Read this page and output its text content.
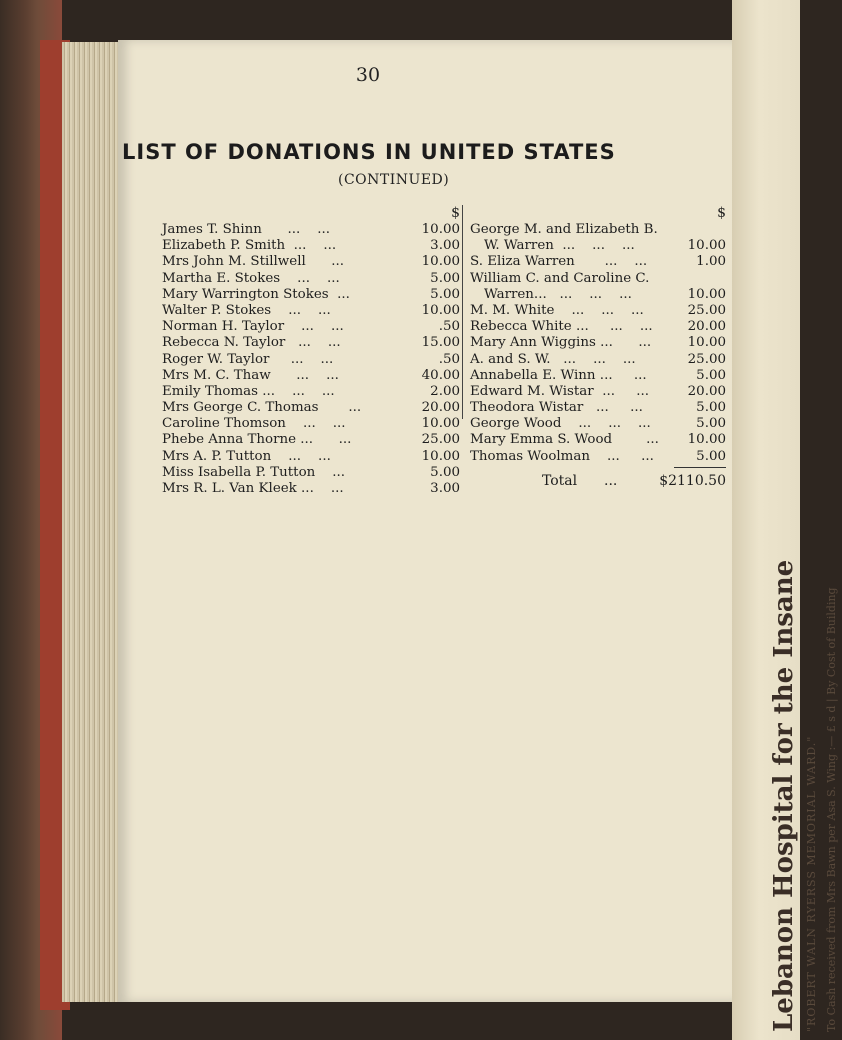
30
LIST OF DONATIONS IN UNITED STATES
(CONTINUED)
$
James T. Shinn      ...    ...	10.00
Elizabeth P. Smith  ...    ...	3.00
Mrs John M. Stillwell      ...	10.00
Martha E. Stokes    ...    ...	5.00
Mary Warrington Stokes  ...	5.00
Walter P. Stokes    ...    ...	10.00
Norman H. Taylor    ...    ...	.50
Rebecca N. Taylor   ...    ...	15.00
Roger W. Taylor     ...    ...	.50
Mrs M. C. Thaw      ...    ...	40.00
Emily Thomas ...    ...    ...	2.00
Mrs George C. Thomas       ...	20.00
Caroline Thomson    ...    ...	10.00
Phebe Anna Thorne ...      ...	25.00
Mrs A. P. Tutton    ...    ...	10.00
Miss Isabella P. Tutton    ...	5.00
Mrs R. L. Van Kleek ...    ...	3.00
$
George M. and Elizabeth B.
W. Warren  ...    ...    ...	10.00
S. Eliza Warren       ...    ...	1.00
William C. and Caroline C.
Warren...   ...    ...    ...	10.00
M. M. White    ...    ...    ...	25.00
Rebecca White ...     ...    ...	20.00
Mary Ann Wiggins ...      ...	10.00
A. and S. W.   ...    ...    ...	25.00
Annabella E. Winn ...     ...	5.00
Edward M. Wistar  ...     ...	20.00
Theodora Wistar   ...     ...	5.00
George Wood    ...    ...    ...	5.00
Mary Emma S. Wood        ...	10.00
Thomas Woolman    ...     ...	5.00
Total	...	$2110.50
Lebanon Hospital for the Insane "ROBERT WALN RYERSS MEMORIAL WARD." To Cash received from Mrs Bawn per Asa S. Wing :— £ s d | By Cost of Building
